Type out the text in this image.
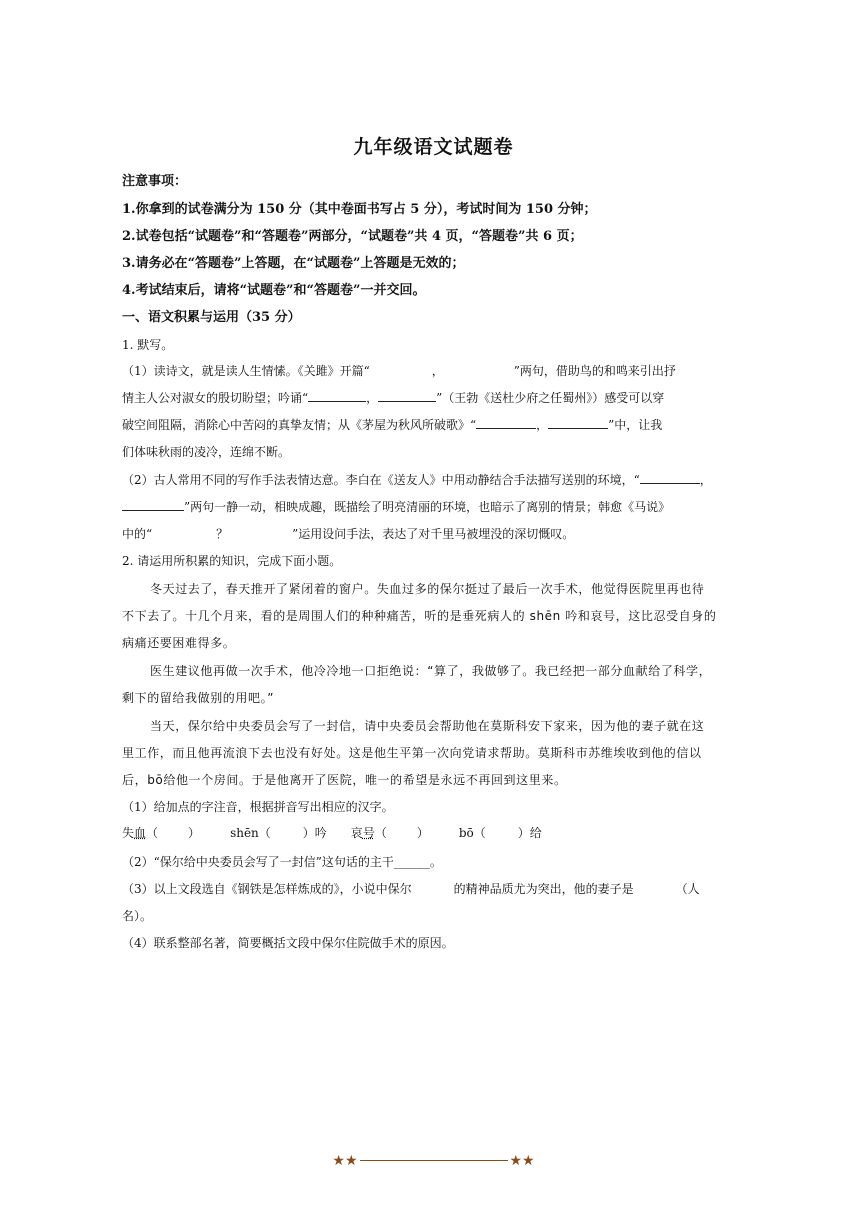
九年级语文试题卷
注意事项：
1.你拿到的试卷满分为 150 分（其中卷面书写占 5 分），考试时间为 150 分钟；
2.试卷包括“试题卷”和“答题卷”两部分，“试题卷”共 4 页，“答题卷”共 6 页；
3.请务必在“答题卷”上答题，在“试题卷”上答题是无效的；
4.考试结束后，请将“试题卷”和“答题卷”一并交回。
一、语文积累与运用（35 分）
1. 默写。
（1）读诗文，就是读人生情愫。《关雎》开篇“	，	”两句，借助鸟的和鸣来引出抒
情主人公对淑女的殷切盼望；吟诵“	，	”（王勃《送杜少府之任蜀州》）感受可以穿
破空间阻隔，消除心中苦闷的真挚友情；从《茅屋为秋风所破歌》“	，	”中，让我
们体味秋雨的凌冷，连绵不断。
（2）古人常用不同的写作手法表情达意。李白在《送友人》中用动静结合手法描写送别的环境，“	，
”两句一静一动，相映成趣，既描绘了明亮清丽的环境，也暗示了离别的情景；韩愈《马说》
中的“	？	”运用设问手法，表达了对千里马被埋没的深切慨叹。
2. 请运用所积累的知识，完成下面小题。
冬天过去了，春天推开了紧闭着的窗户。失血过多的保尔挺过了最后一次手术，他觉得医院里再也待
不下去了。十几个月来，看的是周围人们的种种痛苦，听的是垂死病人的 shēn 吟和哀号，这比忍受自身的
病痛还要困难得多。
医生建议他再做一次手术，他冷冷地一口拒绝说：“算了，我做够了。我已经把一部分血献给了科学，
剩下的留给我做别的用吧。”
当天，保尔给中央委员会写了一封信，请中央委员会帮助他在莫斯科安下家来，因为他的妻子就在这
里工作，而且他再流浪下去也没有好处。这是他生平第一次向党请求帮助。莫斯科市苏维埃收到他的信以
后，bō给他一个房间。于是他离开了医院，唯一的希望是永远不再回到这里来。
（1）给加点的字注音，根据拼音写出相应的汉字。
失血（	）	shēn（	）吟 哀号（	）	bō（	）给
（2）“保尔给中央委员会写了一封信”这句话的主干______。
（3）以上文段选自《钢铁是怎样炼成的》，小说中保尔	的精神品质尤为突出，他的妻子是	（人
名）。
（4）联系整部名著，简要概括文段中保尔住院做手术的原因。
★★	★★
